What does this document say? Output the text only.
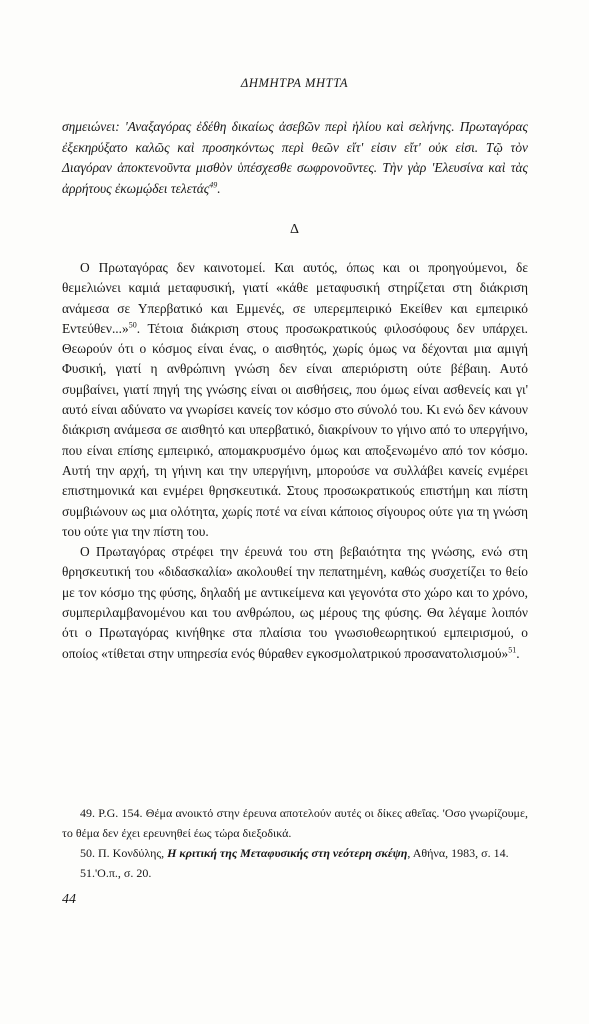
ΔΗΜΗΤΡΑ ΜΗΤΤΑ
σημειώνει: 'Αναξαγόρας ἐδέθη δικαίως ἀσεβῶν περὶ ἡλίου καὶ σελήνης. Πρωταγόρας ἐξεκηρύξατο καλῶς καὶ προσηκόντως περὶ θεῶν εἴτ' εἰσιν εἴτ' οὐκ εἰσι. Τῷ τὸν Διαγόραν ἀποκτενοῦντα μισθὸν ὑπέσχεσθε σωφρονοῦντες. Τὴν γὰρ 'Ελευσίνα καὶ τὰς ἀρρήτους ἐκωμῴδει τελετάς$^{49}$.
Δ

Ο Πρωταγόρας δεν καινοτομεί. Και αυτός, όπως και οι προηγούμενοι, δε θεμελιώνει καμιά μεταφυσική, γιατί «κάθε μεταφυσική στηρίζεται στη διάκριση ανάμεσα σε Υπερβατικό και Εμμενές, σε υπερεμπειρικό Εκείθεν και εμπειρικό Εντεύθεν...»$^{50}$. Τέτοια διάκριση στους προσωκρατικούς φιλοσόφους δεν υπάρχει. Θεωρούν ότι ο κόσμος είναι ένας, ο αισθητός, χωρίς όμως να δέχονται μια αμιγή Φυσική, γιατί η ανθρώπινη γνώση δεν είναι απεριόριστη ούτε βέβαιη. Αυτό συμβαίνει, γιατί πηγή της γνώσης είναι οι αισθήσεις, που όμως είναι ασθενείς και γι' αυτό είναι αδύνατο να γνωρίσει κανείς τον κόσμο στο σύνολό του. Κι ενώ δεν κάνουν διάκριση ανάμεσα σε αισθητό και υπερβατικό, διακρίνουν το γήινο από το υπεργήινο, που είναι επίσης εμπειρικό, απομακρυσμένο όμως και αποξενωμένο από τον κόσμο. Αυτή την αρχή, τη γήινη και την υπεργήινη, μπορούσε να συλλάβει κανείς ενμέρει επιστημονικά και ενμέρει θρησκευτικά. Στους προσωκρατικούς επιστήμη και πίστη συμβιώνουν ως μια ολότητα, χωρίς ποτέ να είναι κάποιος σίγουρος ούτε για τη γνώση του ούτε για την πίστη του.

Ο Πρωταγόρας στρέφει την έρευνά του στη βεβαιότητα της γνώσης, ενώ στη θρησκευτική του «διδασκαλία» ακολουθεί την πεπατημένη, καθώς συσχετίζει το θείο με τον κόσμο της φύσης, δηλαδή με αντικείμενα και γεγονότα στο χώρο και το χρόνο, συμπεριλαμβανομένου και του ανθρώπου, ως μέρους της φύσης. Θα λέγαμε λοιπόν ότι ο Πρωταγόρας κινήθηκε στα πλαίσια του γνωσιοθεωρητικού εμπειρισμού, ο οποίος «τίθεται στην υπηρεσία ενός θύραθεν εγκοσμολατρικού προσανατολισμού»$^{51}$.

49. P.G. 154. Θέμα ανοικτό στην έρευνα αποτελούν αυτές οι δίκες αθεΐας. 'Οσο γνωρίζουμε, το θέμα δεν έχει ερευνηθεί έως τώρα διεξοδικά.

50. Π. Κονδύλης, Η κριτική της Μεταφυσικής στη νεότερη σκέψη, Αθήνα, 1983, σ. 14.

51.'Ο.π., σ. 20.

44
